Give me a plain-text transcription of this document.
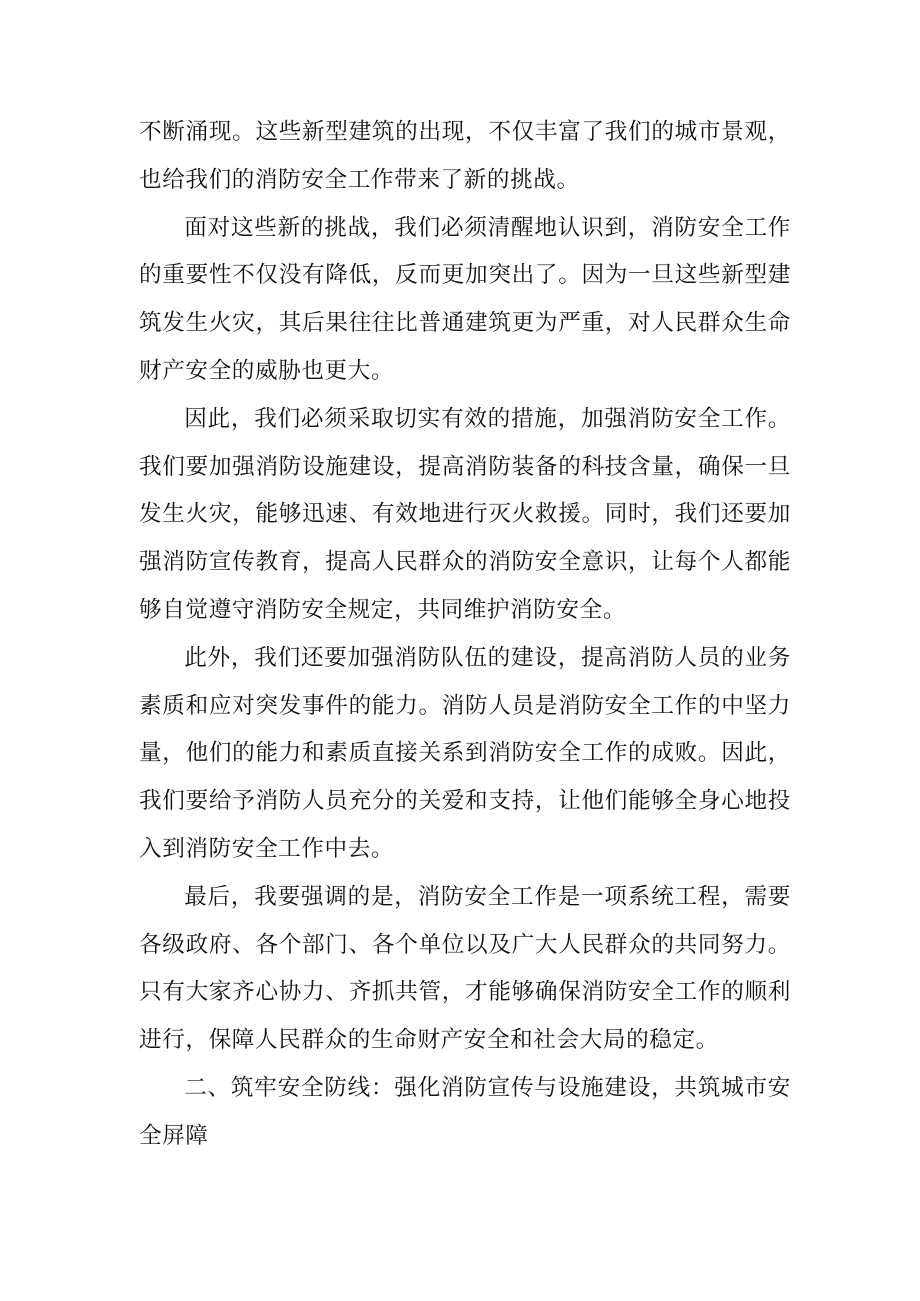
不断涌现。这些新型建筑的出现，不仅丰富了我们的城市景观，也给我们的消防安全工作带来了新的挑战。

面对这些新的挑战，我们必须清醒地认识到，消防安全工作的重要性不仅没有降低，反而更加突出了。因为一旦这些新型建筑发生火灾，其后果往往比普通建筑更为严重，对人民群众生命财产安全的威胁也更大。

因此，我们必须采取切实有效的措施，加强消防安全工作。我们要加强消防设施建设，提高消防装备的科技含量，确保一旦发生火灾，能够迅速、有效地进行灭火救援。同时，我们还要加强消防宣传教育，提高人民群众的消防安全意识，让每个人都能够自觉遵守消防安全规定，共同维护消防安全。

此外，我们还要加强消防队伍的建设，提高消防人员的业务素质和应对突发事件的能力。消防人员是消防安全工作的中坚力量，他们的能力和素质直接关系到消防安全工作的成败。因此，我们要给予消防人员充分的关爱和支持，让他们能够全身心地投入到消防安全工作中去。

最后，我要强调的是，消防安全工作是一项系统工程，需要各级政府、各个部门、各个单位以及广大人民群众的共同努力。只有大家齐心协力、齐抓共管，才能够确保消防安全工作的顺利进行，保障人民群众的生命财产安全和社会大局的稳定。

二、筑牢安全防线：强化消防宣传与设施建设，共筑城市安全屏障
